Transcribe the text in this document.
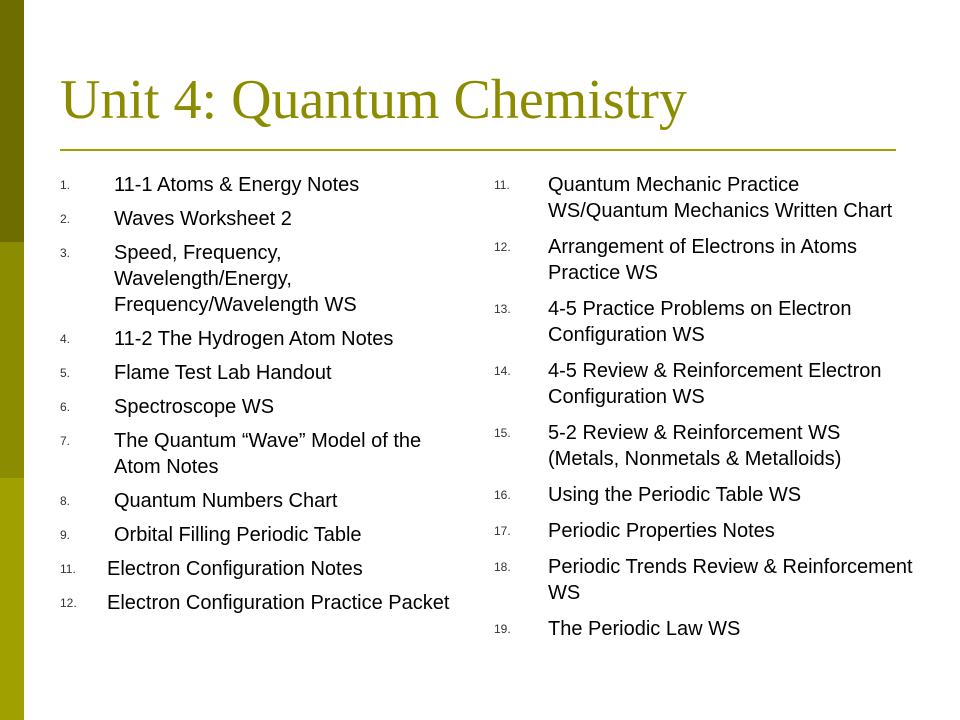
Unit 4: Quantum Chemistry
1.	11-1 Atoms & Energy Notes
2.	Waves Worksheet 2
3.	Speed, Frequency, Wavelength/Energy, Frequency/Wavelength WS
4.	11-2 The Hydrogen Atom Notes
5.	Flame Test Lab Handout
6.	Spectroscope WS
7.	The Quantum “Wave” Model of the Atom Notes
8.	Quantum Numbers Chart
9.	Orbital Filling Periodic Table
11.	Electron Configuration Notes
12.	Electron Configuration Practice Packet
11.	Quantum Mechanic Practice WS/Quantum Mechanics Written Chart
12.	Arrangement of Electrons in Atoms Practice WS
13.	4-5 Practice Problems on Electron Configuration WS
14.	4-5 Review & Reinforcement Electron Configuration WS
15.	5-2 Review & Reinforcement WS (Metals, Nonmetals & Metalloids)
16.	Using the Periodic Table WS
17.	Periodic Properties Notes
18.	Periodic Trends Review & Reinforcement WS
19.	The Periodic Law WS
